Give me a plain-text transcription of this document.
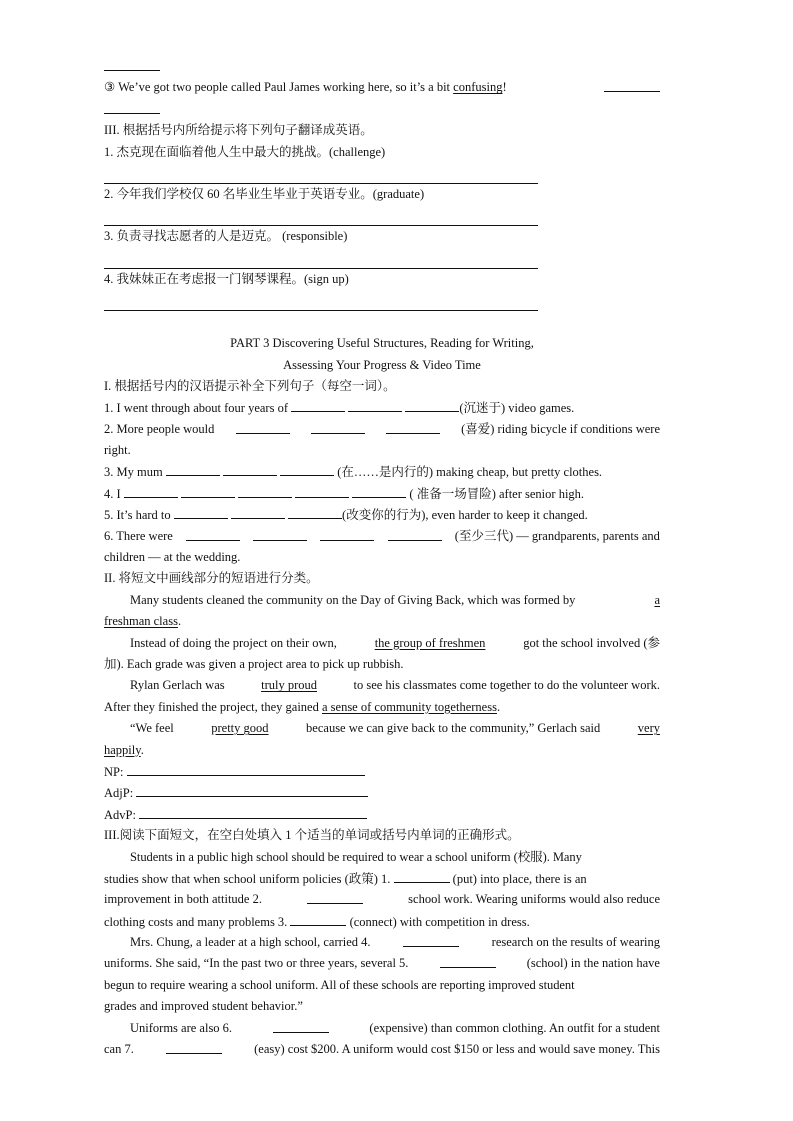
③ We’ve got two people called Paul James working here, so it’s a bit confusing!
III. 根据括号内所给提示将下列句子翻译成英语。
1. 杰克现在面临着他人生中最大的挑战。(challenge)
2. 今年我们学校仅 60 名毕业生毕业于英语专业。(graduate)
3. 负责寻找志愿者的人是迈克。 (responsible)
4. 我妹妹正在考虑报一门钢琴课程。(sign up)
PART 3 Discovering Useful Structures, Reading for Writing,
Assessing Your Progress & Video Time
I. 根据括号内的汉语提示补全下列句子（每空一词）。
1. I went through about four years of	(沉迷于) video games.
2. More people would	(喜爱) riding bicycle if conditions were
right.
3. My mum	(在……是内行的) making cheap, but pretty clothes.
4. I	( 准备一场冒险) after senior high.
5. It’s hard to	(改变你的行为), even harder to keep it changed.
6. There were	(至少三代) — grandparents, parents and
children — at the wedding.
II. 将短文中画线部分的短语进行分类。
Many students cleaned the community on the Day of Giving Back, which was formed by	a
freshman class.
Instead of doing the project on their own,	the group of freshmen	got the school involved (参
加). Each grade was given a project area to pick up rubbish.
Rylan Gerlach was	truly proud	to see his classmates come together to do the volunteer work.
After they finished the project, they gained a sense of community togetherness.
“We feel	pretty good	because we can give back to the community,” Gerlach said	very
happily.
NP:
AdjP:
AdvP:
III.阅读下面短文，在空白处填入 1 个适当的单词或括号内单词的正确形式。
Students in a public high school should be required to wear a school uniform (校服). Many
studies show that when school uniform policies (政策) 1.	(put) into place, there is an
improvement in both attitude 2.	school work. Wearing uniforms would also reduce
clothing costs and many problems 3.	(connect) with competition in dress.
Mrs. Chung, a leader at a high school, carried 4.	research on the results of wearing
uniforms. She said, “In the past two or three years, several 5.	(school) in the nation have
begun to require wearing a school uniform. All of these schools are reporting improved student
grades and improved student behavior.”
Uniforms are also 6.	(expensive) than common clothing. An outfit for a student
can 7.	(easy) cost $200. A uniform would cost $150 or less and would save money. This
